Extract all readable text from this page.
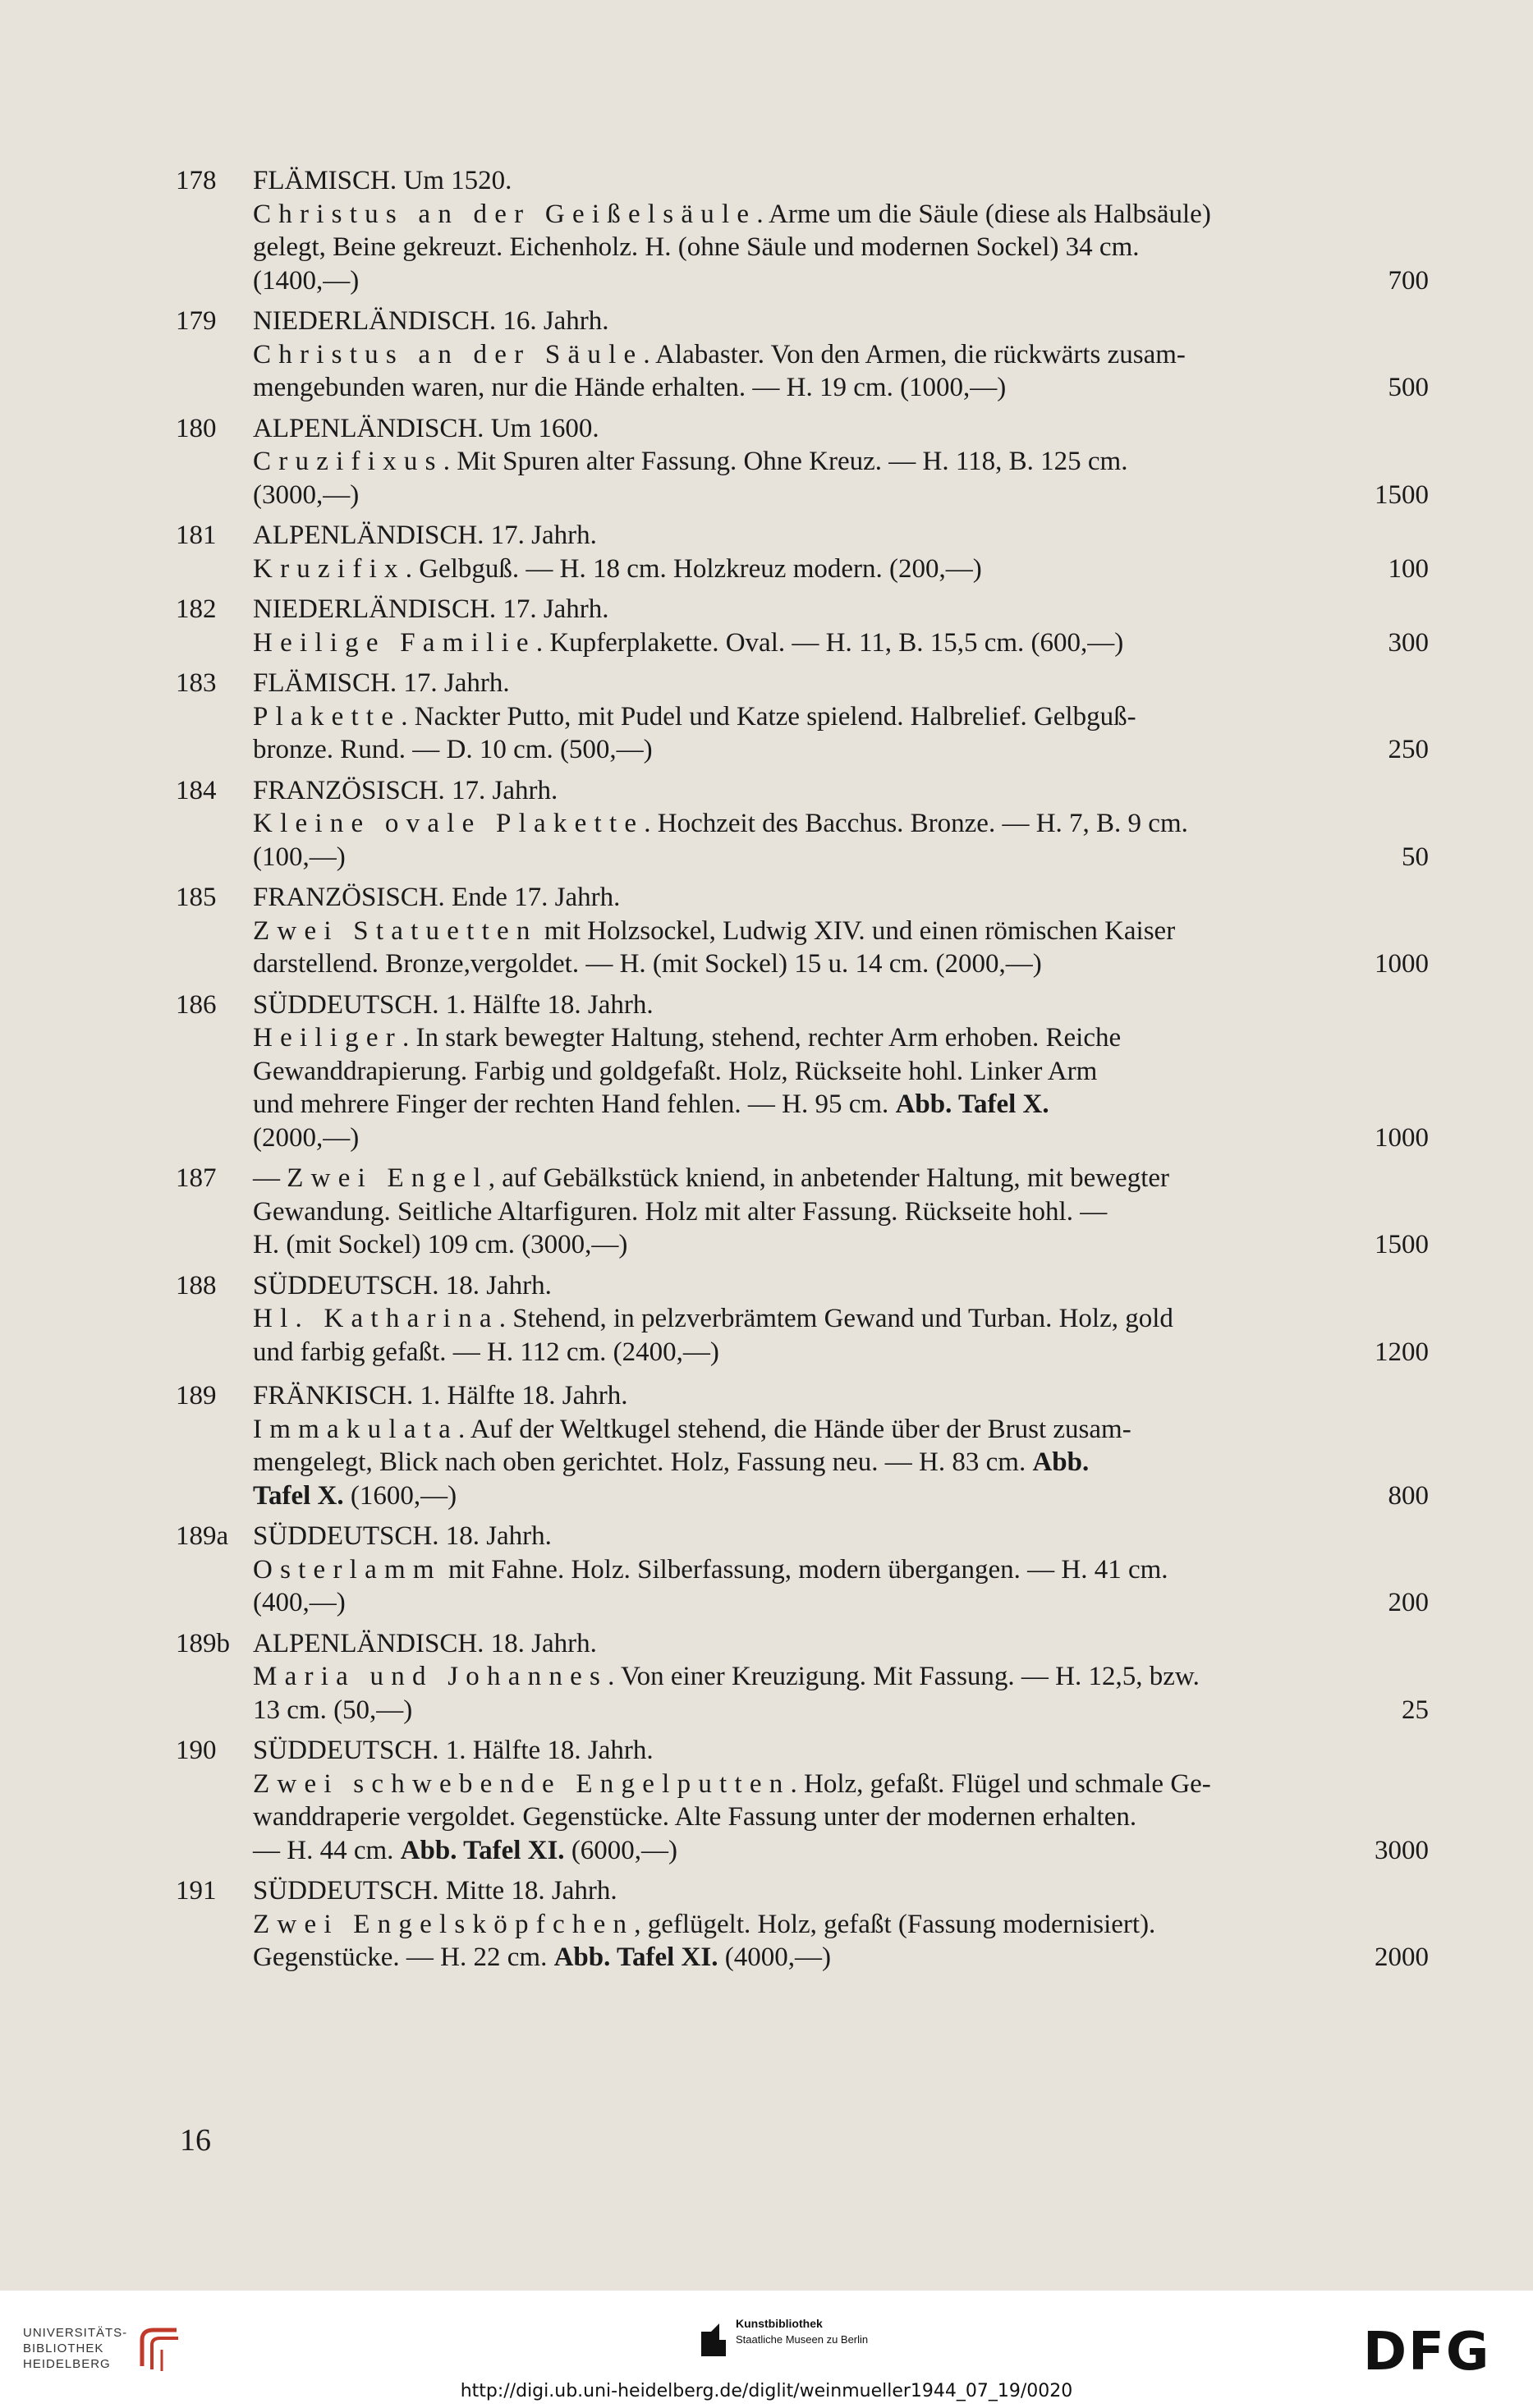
178	FLÄMISCH. Um 1520.
Christus an der Geißelsäule. Arme um die Säule (diese als Halbsäule)
gelegt, Beine gekreuzt. Eichenholz. H. (ohne Säule und modernen Sockel) 34 cm.
(1400,—)	700
179	NIEDERLÄNDISCH. 16. Jahrh.
Christus an der Säule. Alabaster. Von den Armen, die rückwärts zusam-
mengebunden waren, nur die Hände erhalten. — H. 19 cm. (1000,—)	500
180	ALPENLÄNDISCH. Um 1600.
Cruzifixus. Mit Spuren alter Fassung. Ohne Kreuz. — H. 118, B. 125 cm.
(3000,—)	1500
181	ALPENLÄNDISCH. 17. Jahrh.
Kruzifix. Gelbguß. — H. 18 cm. Holzkreuz modern. (200,—)	100
182	NIEDERLÄNDISCH. 17. Jahrh.
Heilige Familie. Kupferplakette. Oval. — H. 11, B. 15,5 cm. (600,—)	300
183	FLÄMISCH. 17. Jahrh.
Plakette. Nackter Putto, mit Pudel und Katze spielend. Halbrelief. Gelbguß-
bronze. Rund. — D. 10 cm. (500,—)	250
184	FRANZÖSISCH. 17. Jahrh.
Kleine ovale Plakette. Hochzeit des Bacchus. Bronze. — H. 7, B. 9 cm.
(100,—)	50
185	FRANZÖSISCH. Ende 17. Jahrh.
Zwei Statuetten mit Holzsockel, Ludwig XIV. und einen römischen Kaiser
darstellend. Bronze,vergoldet. — H. (mit Sockel) 15 u. 14 cm. (2000,—)	1000
186	SÜDDEUTSCH. 1. Hälfte 18. Jahrh.
Heiliger. In stark bewegter Haltung, stehend, rechter Arm erhoben. Reiche
Gewanddrapierung. Farbig und goldgefaßt. Holz, Rückseite hohl. Linker Arm
und mehrere Finger der rechten Hand fehlen. — H. 95 cm. Abb. Tafel X.
(2000,—)	1000
187	— Zwei Engel, auf Gebälkstück kniend, in anbetender Haltung, mit bewegter
Gewandung. Seitliche Altarfiguren. Holz mit alter Fassung. Rückseite hohl. —
H. (mit Sockel) 109 cm. (3000,—)	1500
188	SÜDDEUTSCH. 18. Jahrh.
Hl. Katharina. Stehend, in pelzverbrämtem Gewand und Turban. Holz, gold
und farbig gefaßt. — H. 112 cm. (2400,—)	1200
189	FRÄNKISCH. 1. Hälfte 18. Jahrh.
Immakulata. Auf der Weltkugel stehend, die Hände über der Brust zusam-
mengelegt, Blick nach oben gerichtet. Holz, Fassung neu. — H. 83 cm. Abb.
Tafel X. (1600,—)	800
189a SÜDDEUTSCH. 18. Jahrh.
Osterlamm mit Fahne. Holz. Silberfassung, modern übergangen. — H. 41 cm.
(400,—)	200
189b ALPENLÄNDISCH. 18. Jahrh.
Maria und Johannes. Von einer Kreuzigung. Mit Fassung. — H. 12,5, bzw.
13 cm. (50,—)	25
190	SÜDDEUTSCH. 1. Hälfte 18. Jahrh.
Zwei schwebende Engelputten. Holz, gefaßt. Flügel und schmale Ge-
wanddraperie vergoldet. Gegenstücke. Alte Fassung unter der modernen erhalten.
— H. 44 cm. Abb. Tafel XI. (6000,—)	3000
191	SÜDDEUTSCH. Mitte 18. Jahrh.
Zwei Engelsköpfchen, geflügelt. Holz, gefaßt (Fassung modernisiert).
Gegenstücke. — H. 22 cm. Abb. Tafel XI. (4000,—)	2000
16
UNIVERSITÄTS-
BIBLIOTHEK
HEIDELBERG
Kunstbibliothek
Staatliche Museen zu Berlin	DFG
http://digi.ub.uni-heidelberg.de/diglit/weinmueller1944_07_19/0020
